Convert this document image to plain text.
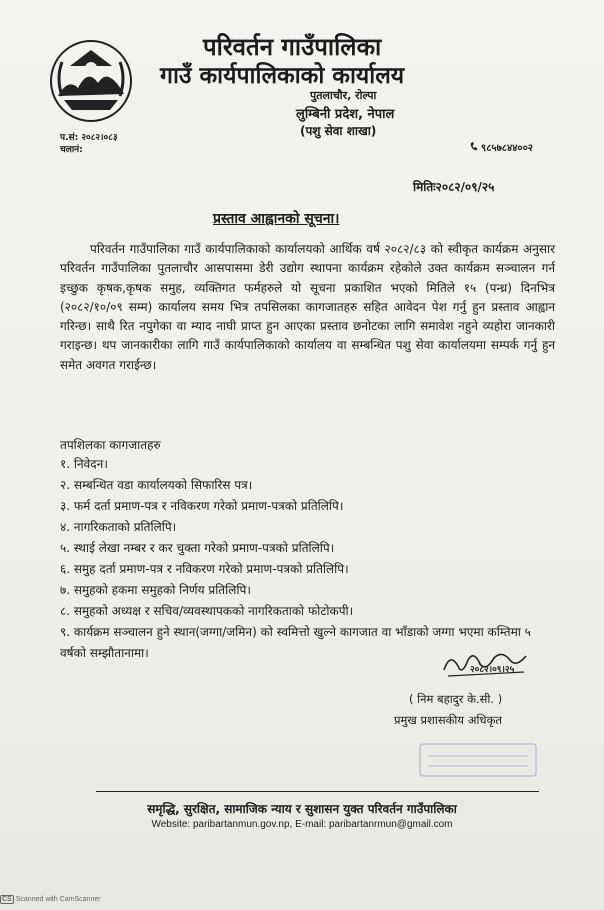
परिवर्तन गाउँपालिका
गाउँ कार्यपालिकाको कार्यालय
पुतलाचौर, रोल्पा
लुम्बिनी प्रदेश, नेपाल
(पशु सेवा शाखा)
प.सं: २०८२।०८३
चलानं:	९८५७८४४००२
मितिः२०८२/०९/२५
प्रस्ताव आह्वानको सूचना।
परिवर्तन गाउँपालिका गाउँ कार्यपालिकाको कार्यालयको आर्थिक वर्ष २०८२/८३ को स्वीकृत कार्यक्रम अनुसार परिवर्तन गाउँपालिका पुतलाचौर आसपासमा डेरी उद्योग स्थापना कार्यक्रम रहेकोले उक्त कार्यक्रम सञ्चालन गर्न इच्छुक कृषक,कृषक समुह, व्यक्तिगत फर्महरुले यो सूचना प्रकाशित भएको मितिले १५ (पन्ध्र) दिनभित्र (२०८२/१०/०९ सम्म) कार्यालय समय भित्र तपसिलका कागजातहरु सहित आवेदन पेश गर्नु हुन प्रस्ताव आह्वान गरिन्छ। साथै रित नपुगेका वा म्याद नाघी प्राप्त हुन आएका प्रस्ताव छनोटका लागि समावेश नहुने व्यहोरा जानकारी गराइन्छ। थप जानकारीका लागि गाउँ कार्यपालिकाको कार्यालय वा सम्बन्धित पशु सेवा कार्यालयमा सम्पर्क गर्नु हुन समेत अवगत गराईन्छ।
तपशिलका कागजातहरु
१. निवेदन।
२. सम्बन्धित वडा कार्यालयको सिफारिस पत्र।
३. फर्म दर्ता प्रमाण-पत्र र नविकरण गरेको प्रमाण-पत्रको प्रतिलिपि।
४. नागरिकताको प्रतिलिपि।
५. स्थाई लेखा नम्बर र कर चुक्ता गरेको प्रमाण-पत्रको प्रतिलिपि।
६. समुह दर्ता प्रमाण-पत्र र नविकरण गरेको प्रमाण-पत्रको प्रतिलिपि।
७. समुहको हकमा समुहको निर्णय प्रतिलिपि।
८. समुहको अध्यक्ष र सचिव/व्यवस्थापकको नागरिकताको फोटोकपी।
९. कार्यक्रम सञ्चालन हुने स्थान(जग्गा/जमिन) को स्वमित्तो खुल्ने कागजात वा भाँडाको जग्गा भएमा कम्तिमा ५ वर्षको सम्झौतानामा।
२०८२।०९।२५
( निम बहादुर के.सी. )
प्रमुख प्रशासकीय अधिकृत
समृद्धि, सुरक्षित, सामाजिक न्याय र सुशासन युक्त परिवर्तन गाउँपालिका
Website: paribartanmun.gov.np, E-mail: paribartanrmun@gmail.com
CS Scanned with CamScanner
